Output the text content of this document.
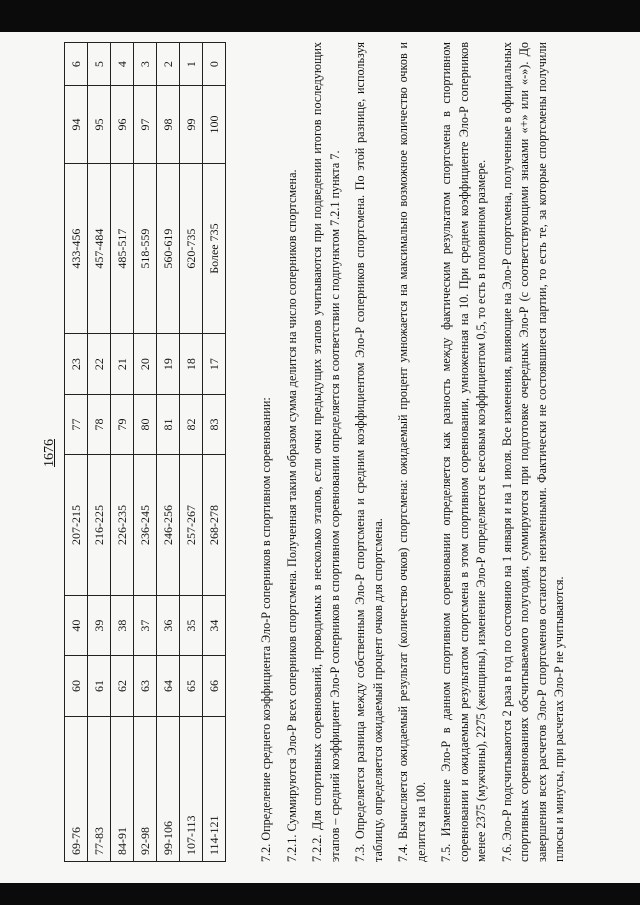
1676
69-76	60	40	207-215	77	23	433-456	94	6
77-83	61	39	216-225	78	22	457-484	95	5
84-91	62	38	226-235	79	21	485-517	96	4
92-98	63	37	236-245	80	20	518-559	97	3
99-106	64	36	246-256	81	19	560-619	98	2
107-113	65	35	257-267	82	18	620-735	99	1
114-121	66	34	268-278	83	17	Более 735	100	0

7.2. Определение среднего коэффициента Эло-Р соперников в спортивном соревновании: 7.2.1. Суммируются Эло-Р всех соперников спортсмена. Полученная таким образом сумма делится на число соперников спортсмена. 7.2.2. Для спортивных соревнований, проводимых в несколько этапов, если очки предыдущих этапов учитываются при подведении итогов последующих этапов – средний коэффициент Эло-Р соперников в спортивном соревновании определяется в соответствии с подпунктом 7.2.1 пункта 7. 7.3. Определяется разница между собственным Эло-Р спортсмена и средним коэффициентом Эло-Р соперников спортсмена. По этой разнице, используя таблицу, определяется ожидаемый процент очков для спортсмена. 7.4. Вычисляется ожидаемый результат (количество очков) спортсмена: ожидаемый процент умножается на максимально возможное количество очков и делится на 100. 7.5. Изменение Эло-Р в данном спортивном соревновании определяется как разность между фактическим результатом спортсмена в спортивном соревновании и ожидаемым результатом спортсмена в этом спортивном соревновании, умноженная на 10. При среднем коэффициенте Эло-Р соперников менее 2375 (мужчины), 2275 (женщины), изменение Эло-Р определяется с весовым коэффициентом 0,5, то есть в половинном размере. 7.6. Эло-Р подсчитываются 2 раза в год по состоянию на 1 января и на 1 июля. Все изменения, влияющие на Эло-Р спортсмена, полученные в официальных спортивных соревнованиях обсчитываемого полугодия, суммируются при подготовке очередных Эло-Р (с соответствующими знаками «+» или «-»). До завершения всех расчетов Эло-Р спортсменов остаются неизменными. Фактически не состоявшиеся партии, то есть те, за которые спортсмены получили плюсы и минусы, при расчетах Эло-Р не учитываются.
